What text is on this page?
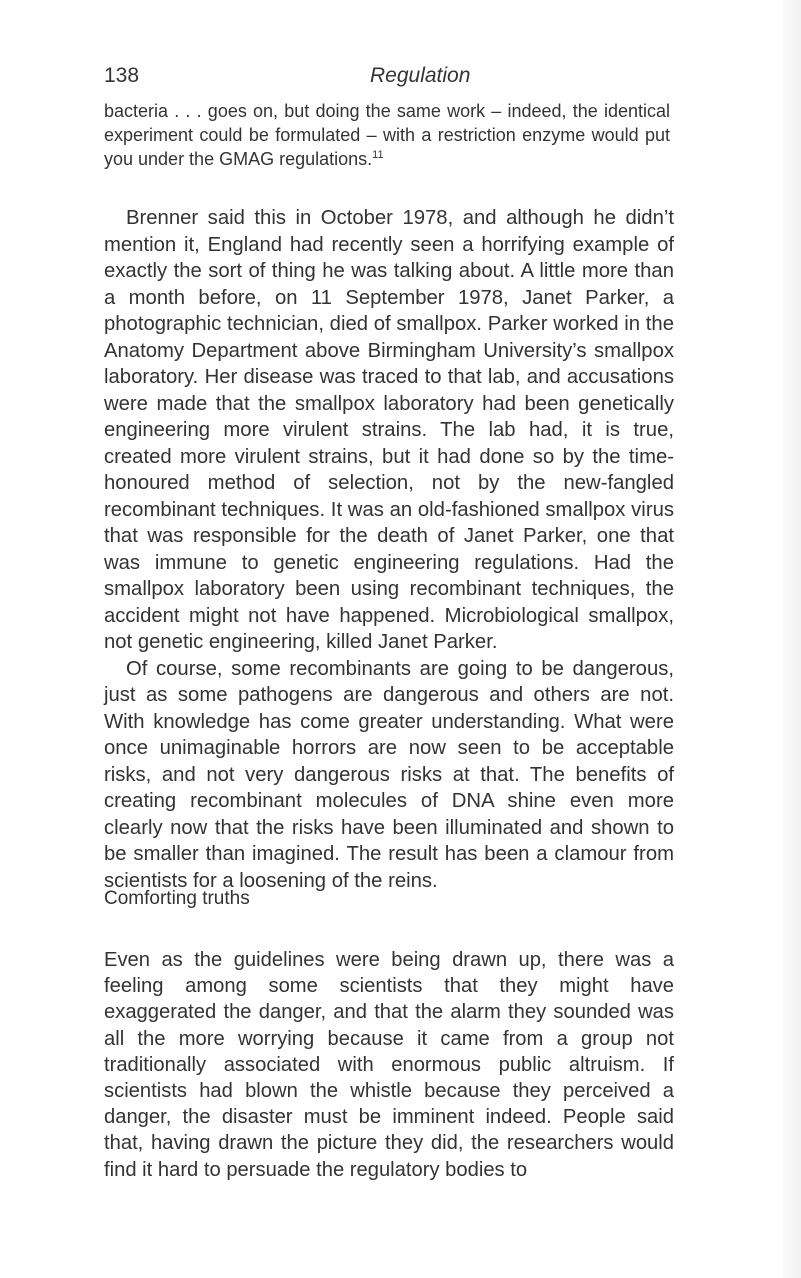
138	Regulation
bacteria . . . goes on, but doing the same work – indeed, the identical experiment could be formulated – with a restriction enzyme would put you under the GMAG regulations.$^{11}$

Brenner said this in October 1978, and although he didn’t mention it, England had recently seen a horrifying example of exactly the sort of thing he was talking about. A little more than a month before, on 11 September 1978, Janet Parker, a photographic technician, died of smallpox. Parker worked in the Anatomy Department above Birmingham University’s smallpox laboratory. Her disease was traced to that lab, and accusations were made that the smallpox laboratory had been genetically engineering more virulent strains. The lab had, it is true, created more virulent strains, but it had done so by the time-honoured method of selection, not by the new-fangled recombinant techniques. It was an old-fashioned smallpox virus that was responsible for the death of Janet Parker, one that was immune to genetic engineering regulations. Had the smallpox laboratory been using recombinant techniques, the accident might not have happened. Microbiological smallpox, not genetic engineering, killed Janet Parker.

Of course, some recombinants are going to be dangerous, just as some pathogens are dangerous and others are not. With knowledge has come greater understanding. What were once unimaginable horrors are now seen to be acceptable risks, and not very dangerous risks at that. The benefits of creating recombinant molecules of DNA shine even more clearly now that the risks have been illuminated and shown to be smaller than imagined. The result has been a clamour from scientists for a loosening of the reins.

Comforting truths

Even as the guidelines were being drawn up, there was a feeling among some scientists that they might have exaggerated the danger, and that the alarm they sounded was all the more worrying because it came from a group not traditionally associated with enormous public altruism. If scientists had blown the whistle because they perceived a danger, the disaster must be imminent indeed. People said that, having drawn the picture they did, the researchers would find it hard to persuade the regulatory bodies to
